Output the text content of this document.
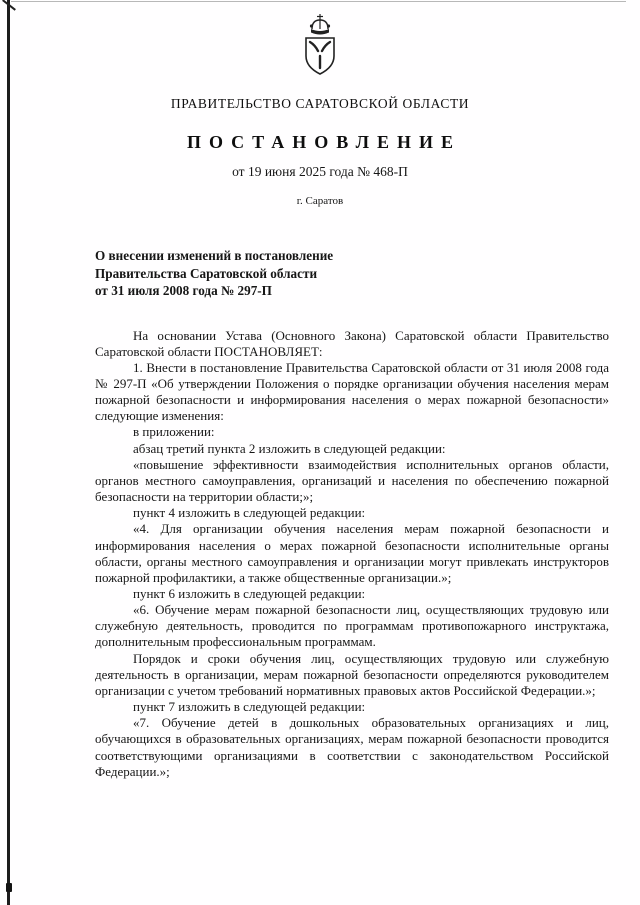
ПРАВИТЕЛЬСТВО САРАТОВСКОЙ ОБЛАСТИ
ПОСТАНОВЛЕНИЕ
от 19 июня 2025 года № 468-П
г. Саратов
О внесении изменений в постановление
Правительства Саратовской области
от 31 июля 2008 года № 297-П

На основании Устава (Основного Закона) Саратовской области Правительство Саратовской области ПОСТАНОВЛЯЕТ:

1. Внести в постановление Правительства Саратовской области от 31 июля 2008 года № 297-П «Об утверждении Положения о порядке организации обучения населения мерам пожарной безопасности и информирования населения о мерах пожарной безопасности» следующие изменения:

в приложении:

абзац третий пункта 2 изложить в следующей редакции:

«повышение эффективности взаимодействия исполнительных органов области, органов местного самоуправления, организаций и населения по обеспечению пожарной безопасности на территории области;»;

пункт 4 изложить в следующей редакции:

«4. Для организации обучения населения мерам пожарной безопасности и информирования населения о мерах пожарной безопасности исполнительные органы области, органы местного самоуправления и организации могут привлекать инструкторов пожарной профилактики, а также общественные организации.»;

пункт 6 изложить в следующей редакции:

«6. Обучение мерам пожарной безопасности лиц, осуществляющих трудовую или служебную деятельность, проводится по программам противопожарного инструктажа, дополнительным профессиональным программам.

Порядок и сроки обучения лиц, осуществляющих трудовую или служебную деятельность в организации, мерам пожарной безопасности определяются руководителем организации с учетом требований нормативных правовых актов Российской Федерации.»;

пункт 7 изложить в следующей редакции:

«7. Обучение детей в дошкольных образовательных организациях и лиц, обучающихся в образовательных организациях, мерам пожарной безопасности проводится соответствующими организациями в соответствии с законодательством Российской Федерации.»;
